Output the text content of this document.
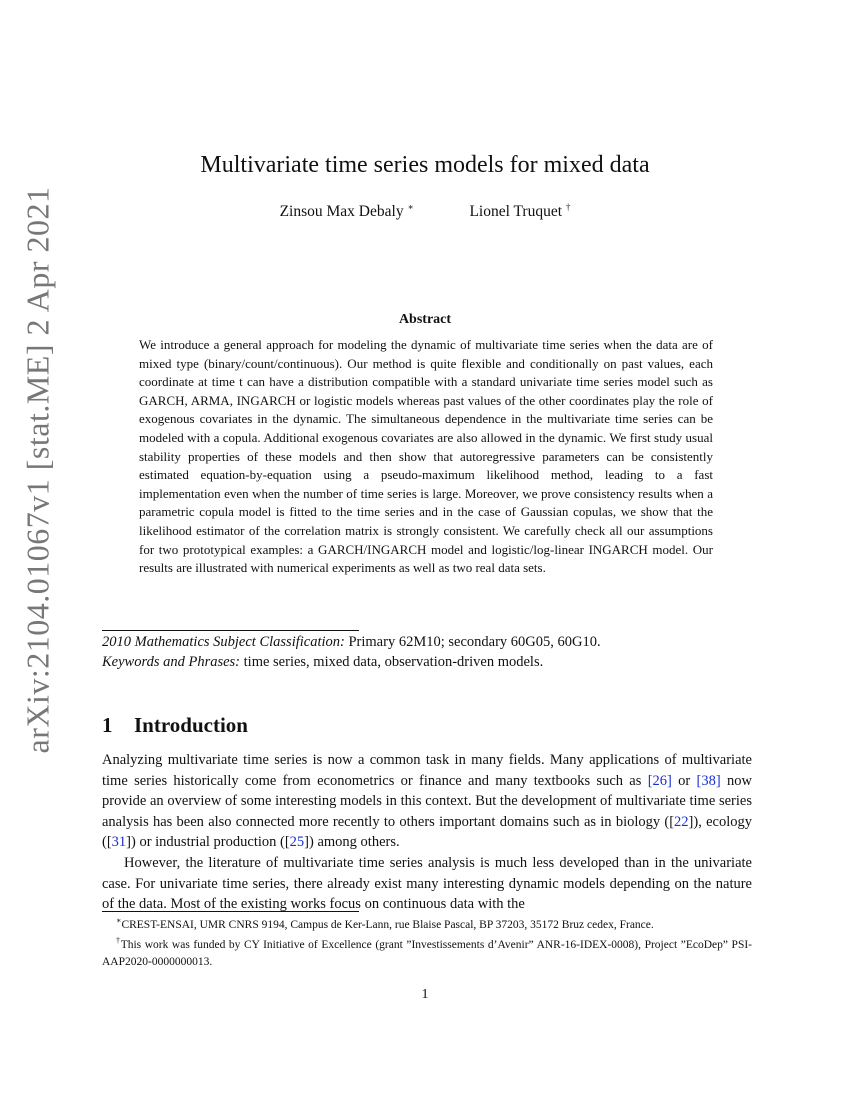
arXiv:2104.01067v1 [stat.ME] 2 Apr 2021
Multivariate time series models for mixed data
Zinsou Max Debaly ∗	Lionel Truquet †
Abstract

We introduce a general approach for modeling the dynamic of multivariate time series when the data are of mixed type (binary/count/continuous). Our method is quite flexible and conditionally on past values, each coordinate at time t can have a distribution compatible with a standard univariate time series model such as GARCH, ARMA, INGARCH or logistic models whereas past values of the other coordinates play the role of exogenous covariates in the dynamic. The simultaneous dependence in the multivariate time series can be modeled with a copula. Additional exogenous covariates are also allowed in the dynamic. We first study usual stability properties of these models and then show that autoregressive parameters can be consistently estimated equation-by-equation using a pseudo-maximum likelihood method, leading to a fast implementation even when the number of time series is large. Moreover, we prove consistency results when a parametric copula model is fitted to the time series and in the case of Gaussian copulas, we show that the likelihood estimator of the correlation matrix is strongly consistent. We carefully check all our assumptions for two prototypical examples: a GARCH/INGARCH model and logistic/log-linear INGARCH model. Our results are illustrated with numerical experiments as well as two real data sets.

2010 Mathematics Subject Classification: Primary 62M10; secondary 60G05, 60G10.
Keywords and Phrases: time series, mixed data, observation-driven models.

1 Introduction

Analyzing multivariate time series is now a common task in many fields. Many applications of multivariate time series historically come from econometrics or finance and many textbooks such as [26] or [38] now provide an overview of some interesting models in this context. But the development of multivariate time series analysis has been also connected more recently to others important domains such as in biology ([22]), ecology ([31]) or industrial production ([25]) among others.

However, the literature of multivariate time series analysis is much less developed than in the univariate case. For univariate time series, there already exist many interesting dynamic models depending on the nature of the data. Most of the existing works focus on continuous data with the

∗CREST-ENSAI, UMR CNRS 9194, Campus de Ker-Lann, rue Blaise Pascal, BP 37203, 35172 Bruz cedex, France.

†This work was funded by CY Initiative of Excellence (grant ”Investissements d’Avenir” ANR-16-IDEX-0008), Project ”EcoDep” PSI-AAP2020-0000000013.

1
